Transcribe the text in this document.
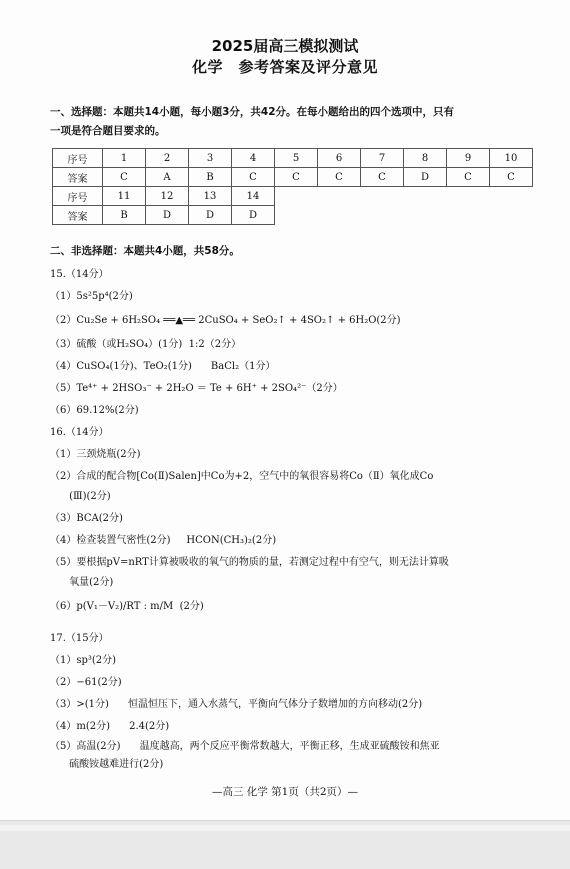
2025届高三模拟测试
化学　参考答案及评分意见
一、选择题：本题共14小题，每小题3分，共42分。在每小题给出的四个选项中，只有
一项是符合题目要求的。
序号	1	2	3	4	5	6	7	8	9	10
答案	C	A	B	C	C	C	C	D	C	C
序号	11	12	13	14						
答案	B	D	D	D						
二、非选择题：本题共4小题，共58分。
15.（14分）
（1）5s²5p⁴(2分)
（2）Cu₂Se + 6H₂SO₄ ══▲══ 2CuSO₄ + SeO₂↑ + 4SO₂↑ + 6H₂O(2分)
（3）硫酸（或H₂SO₄）(1分)  1:2（2分）
（4）CuSO₄(1分)、TeO₂(1分)      BaCl₂（1分）
（5）Te⁴⁺ + 2HSO₃⁻ + 2H₂O ＝ Te + 6H⁺ + 2SO₄²⁻（2分）
（6）69.12%(2分)
16.（14分）
（1）三颈烧瓶(2分)
（2）合成的配合物[Co(Ⅱ)Salen]中Co为+2，空气中的氧很容易将Co（Ⅱ）氧化成Co
(Ⅲ)(2分)
（3）BCA(2分)
（4）检查装置气密性(2分)     HCON(CH₃)₂(2分)
（5）要根据pV=nRT计算被吸收的氧气的物质的量，若测定过程中有空气，则无法计算吸
氧量(2分)
（6）p(V₁－V₂)/RT : m/M  (2分)
17.（15分）
（1）sp³(2分)
（2）−61(2分)
（3）>(1分)      恒温恒压下，通入水蒸气，平衡向气体分子数增加的方向移动(2分)
（4）m(2分)      2.4(2分)
（5）高温(2分)      温度越高，两个反应平衡常数越大，平衡正移，生成亚硫酸铵和焦亚
硫酸铵越难进行(2分)
—高三 化学 第1页（共2页）—
